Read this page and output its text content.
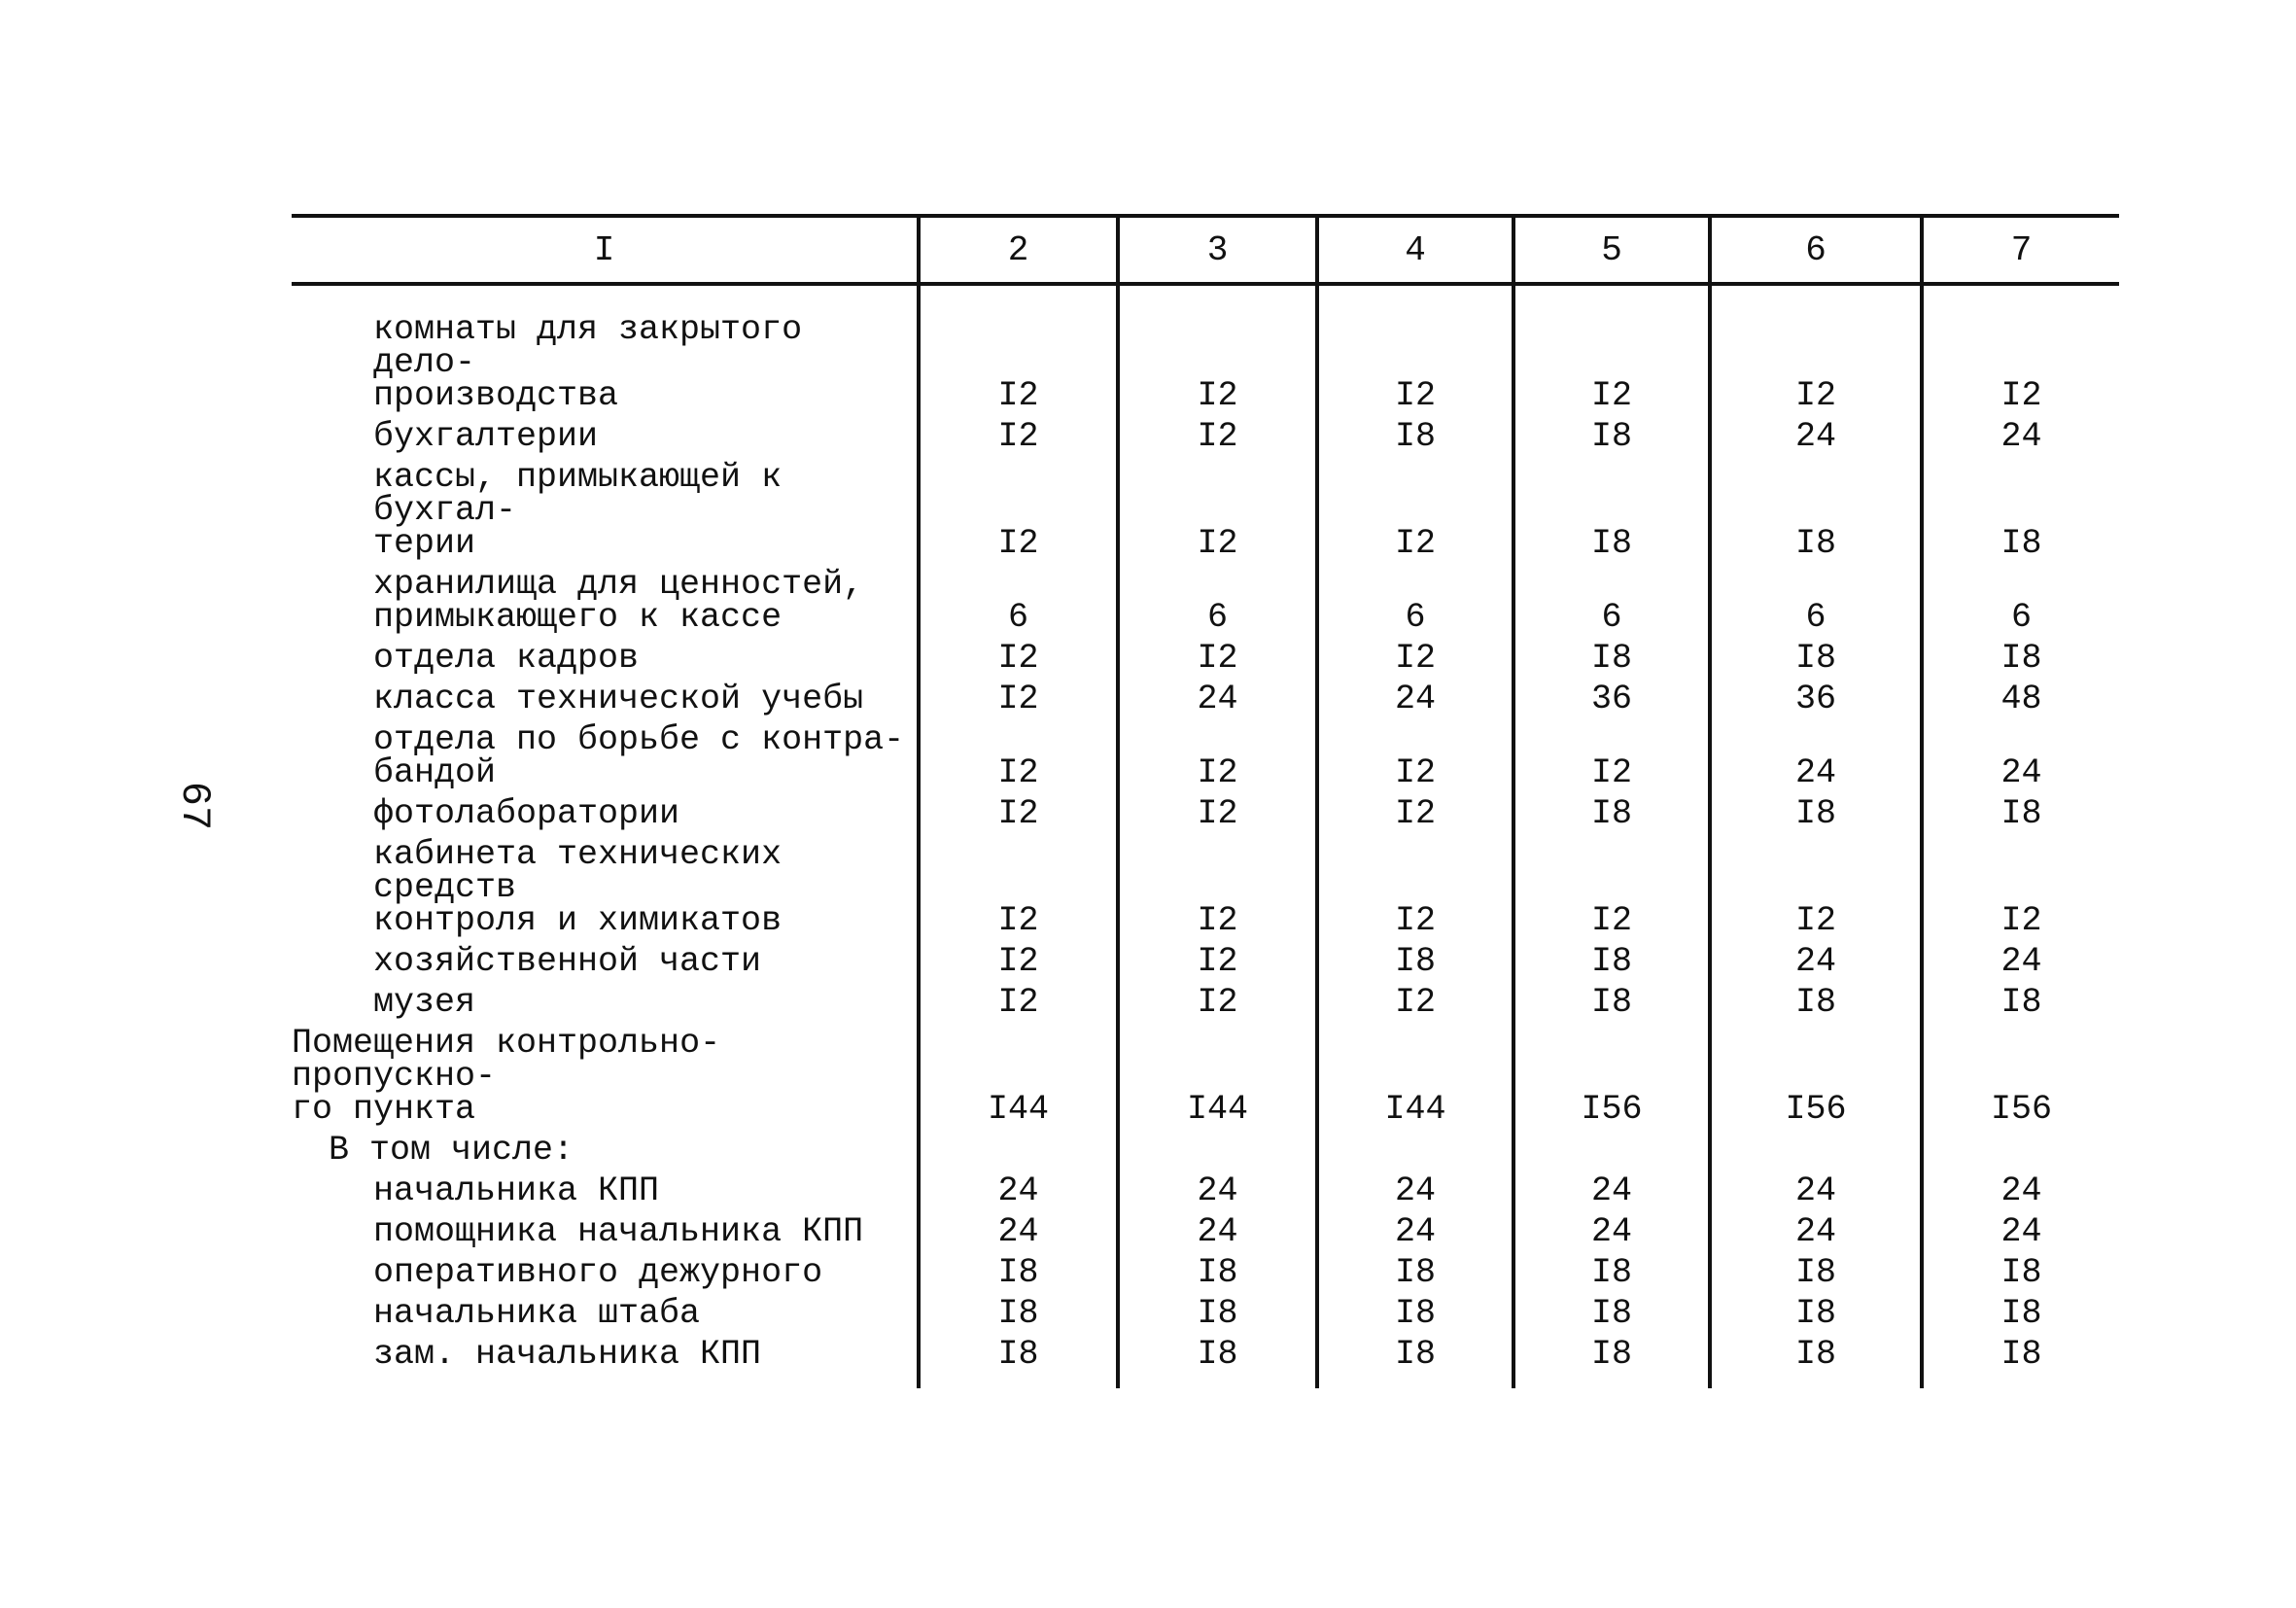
67
I	2	3	4	5	6	7
комнаты для закрытого дело-
производства	I2	I2	I2	I2	I2	I2
бухгалтерии	I2	I2	I8	I8	24	24
кассы, примыкающей к бухгал-
терии	I2	I2	I2	I8	I8	I8
хранилища для ценностей,
примыкающего к кассе	6	6	6	6	6	6
отдела кадров	I2	I2	I2	I8	I8	I8
класса технической учебы	I2	24	24	36	36	48
отдела по борьбе с контра-
бандой	I2	I2	I2	I2	24	24
фотолаборатории	I2	I2	I2	I8	I8	I8
кабинета технических средств
контроля и химикатов	I2	I2	I2	I2	I2	I2
хозяйственной части	I2	I2	I8	I8	24	24
музея	I2	I2	I2	I8	I8	I8
Помещения контрольно-пропускно-
го пункта	I44	I44	I44	I56	I56	I56
В том числе:						
начальника КПП	24	24	24	24	24	24
помощника начальника КПП	24	24	24	24	24	24
оперативного дежурного	I8	I8	I8	I8	I8	I8
начальника штаба	I8	I8	I8	I8	I8	I8
зам. начальника КПП	I8	I8	I8	I8	I8	I8
